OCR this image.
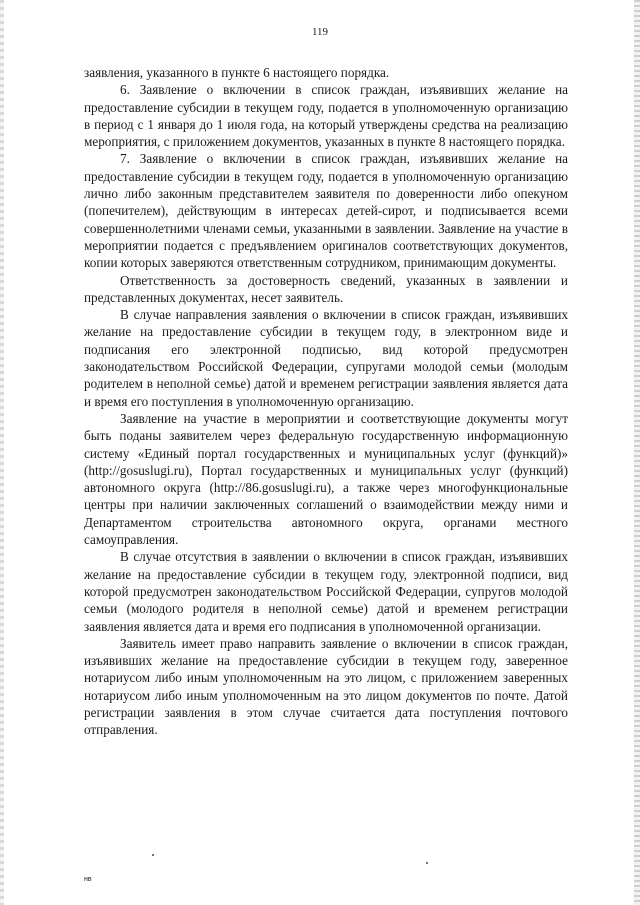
119

заявления, указанного в пункте 6 настоящего порядка.

6. Заявление о включении в список граждан, изъявивших желание на предоставление субсидии в текущем году, подается в уполномоченную организацию в период с 1 января до 1 июля года, на который утверждены средства на реализацию мероприятия, с приложением документов, указанных в пункте 8 настоящего порядка.

7. Заявление о включении в список граждан, изъявивших желание на предоставление субсидии в текущем году, подается в уполномоченную организацию лично либо законным представителем заявителя по доверенности либо опекуном (попечителем), действующим в интересах детей-сирот, и подписывается всеми совершеннолетними членами семьи, указанными в заявлении. Заявление на участие в мероприятии подается с предъявлением оригиналов соответствующих документов, копии которых заверяются ответственным сотрудником, принимающим документы.

Ответственность за достоверность сведений, указанных в заявлении и представленных документах, несет заявитель.

В случае направления заявления о включении в список граждан, изъявивших желание на предоставление субсидии в текущем году, в электронном виде и подписания его электронной подписью, вид которой предусмотрен законодательством Российской Федерации, супругами молодой семьи (молодым родителем в неполной семье) датой и временем регистрации заявления является дата и время его поступления в уполномоченную организацию.

Заявление на участие в мероприятии и соответствующие документы могут быть поданы заявителем через федеральную государственную информационную систему «Единый портал государственных и муниципальных услуг (функций)» (http://gosuslugi.ru), Портал государственных и муниципальных услуг (функций) автономного округа (http://86.gosuslugi.ru), а также через многофункциональные центры при наличии заключенных соглашений о взаимодействии между ними и Департаментом строительства автономного округа, органами местного самоуправления.

В случае отсутствия в заявлении о включении в список граждан, изъявивших желание на предоставление субсидии в текущем году, электронной подписи, вид которой предусмотрен законодательством Российской Федерации, супругов молодой семьи (молодого родителя в неполной семье) датой и временем регистрации заявления является дата и время его подписания в уполномоченной организации.

Заявитель имеет право направить заявление о включении в список граждан, изъявивших желание на предоставление субсидии в текущем году, заверенное нотариусом либо иным уполномоченным на это лицом, с приложением заверенных нотариусом либо иным уполномоченным на это лицом документов по почте. Датой регистрации заявления в этом случае считается дата поступления почтового отправления.

нв
